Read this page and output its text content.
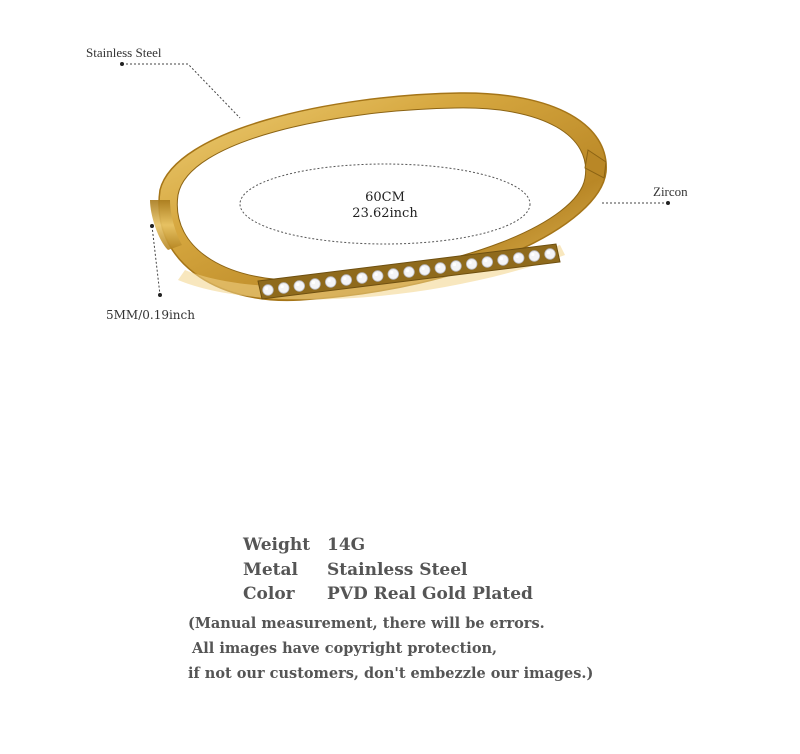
Stainless Steel
Zircon
5MM/0.19inch
60CM
23.62inch
Weight 14G
Metal	Stainless Steel
Color	PVD Real Gold Plated
(Manual measurement, there will be errors.
All images have copyright protection,
if not our customers, don't embezzle our images.)
